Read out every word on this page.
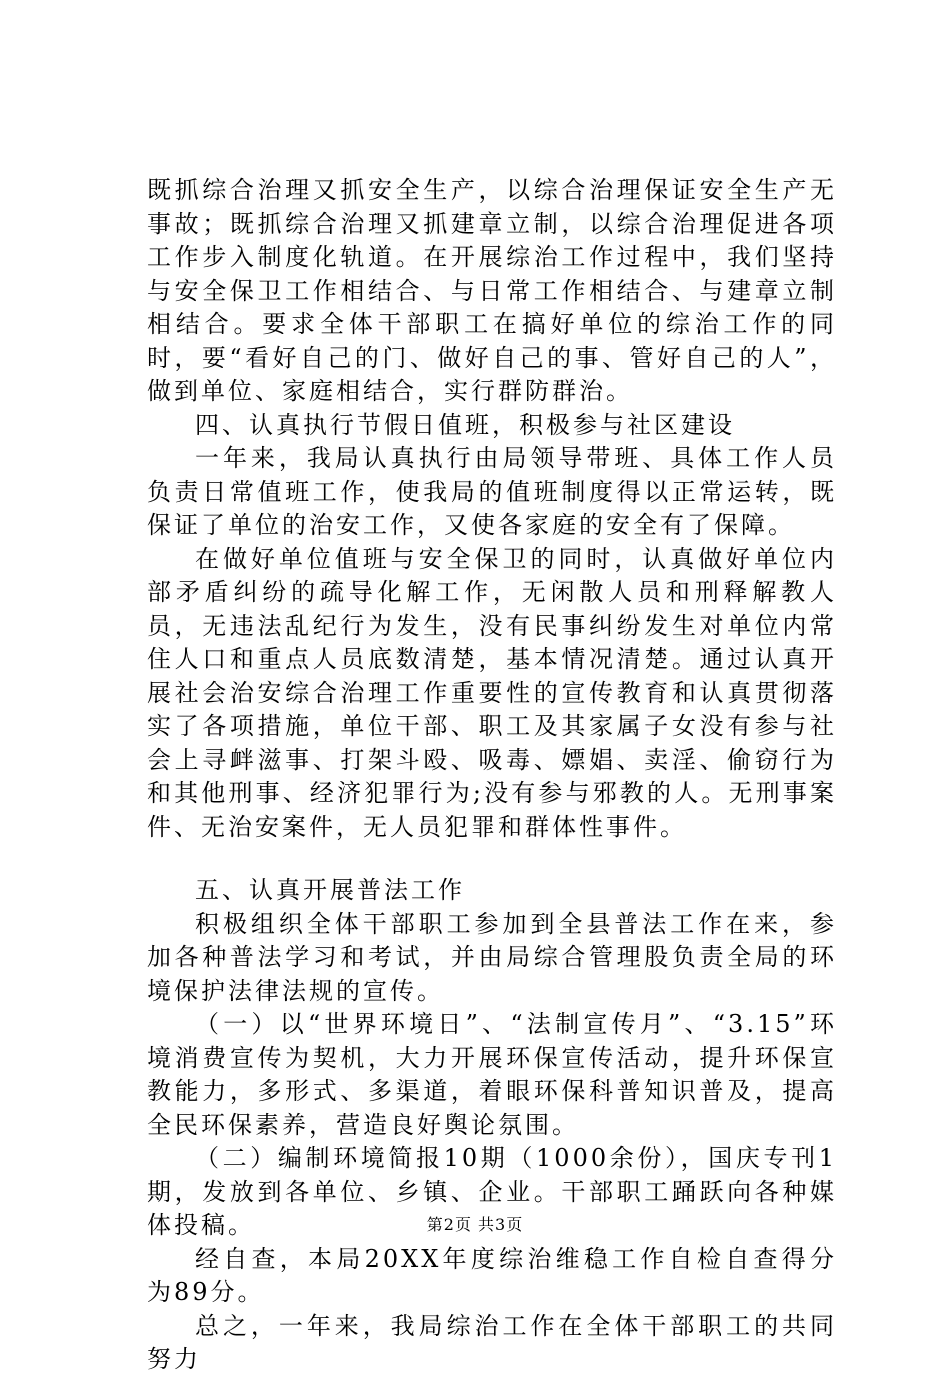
既抓综合治理又抓安全生产，以综合治理保证安全生产无事故；既抓综合治理又抓建章立制，以综合治理促进各项工作步入制度化轨道。在开展综治工作过程中，我们坚持与安全保卫工作相结合、与日常工作相结合、与建章立制相结合。要求全体干部职工在搞好单位的综治工作的同时，要“看好自己的门、做好自己的事、管好自己的人”，做到单位、家庭相结合，实行群防群治。

四、认真执行节假日值班，积极参与社区建设

一年来，我局认真执行由局领导带班、具体工作人员负责日常值班工作，使我局的值班制度得以正常运转，既保证了单位的治安工作，又使各家庭的安全有了保障。

在做好单位值班与安全保卫的同时，认真做好单位内部矛盾纠纷的疏导化解工作，无闲散人员和刑释解教人员，无违法乱纪行为发生，没有民事纠纷发生对单位内常住人口和重点人员底数清楚，基本情况清楚。通过认真开展社会治安综合治理工作重要性的宣传教育和认真贯彻落实了各项措施，单位干部、职工及其家属子女没有参与社会上寻衅滋事、打架斗殴、吸毒、嫖娼、卖淫、偷窃行为和其他刑事、经济犯罪行为;没有参与邪教的人。无刑事案件、无治安案件，无人员犯罪和群体性事件。

五、认真开展普法工作

积极组织全体干部职工参加到全县普法工作在来，参加各种普法学习和考试，并由局综合管理股负责全局的环境保护法律法规的宣传。

（一）以“世界环境日”、“法制宣传月”、“3.15”环境消费宣传为契机，大力开展环保宣传活动，提升环保宣教能力，多形式、多渠道，着眼环保科普知识普及，提高全民环保素养，营造良好舆论氛围。

（二）编制环境简报10期（1000余份），国庆专刊1期，发放到各单位、乡镇、企业。干部职工踊跃向各种媒体投稿。

经自查，本局20XX年度综治维稳工作自检自查得分为89分。

总之，一年来，我局综治工作在全体干部职工的共同努力

第2页 共3页
